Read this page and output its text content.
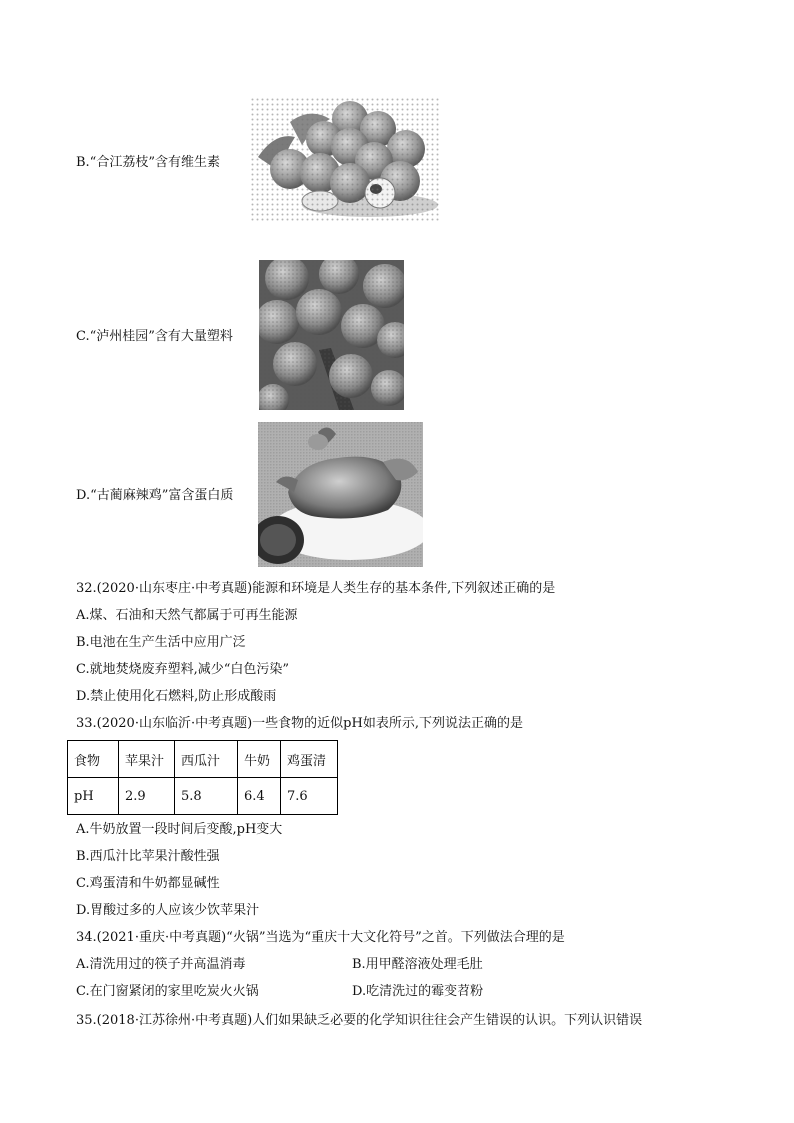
B.“合江荔枝”含有维生素
C.“泸州桂园”含有大量塑料
D.“古蔺麻辣鸡”富含蛋白质
32.(2020·山东枣庄·中考真题)能源和环境是人类生存的基本条件,下列叙述正确的是
A.煤、石油和天然气都属于可再生能源
B.电池在生产生活中应用广泛
C.就地焚烧废弃塑料,减少“白色污染”
D.禁止使用化石燃料,防止形成酸雨
33.(2020·山东临沂·中考真题)一些食物的近似pH如表所示,下列说法正确的是
食物	苹果汁	西瓜汁	牛奶	鸡蛋清
pH	2.9	5.8	6.4	7.6
A.牛奶放置一段时间后变酸,pH变大
B.西瓜汁比苹果汁酸性强
C.鸡蛋清和牛奶都显碱性
D.胃酸过多的人应该少饮苹果汁
34.(2021·重庆·中考真题)“火锅”当选为“重庆十大文化符号”之首。下列做法合理的是
A.清洗用过的筷子并高温消毒	B.用甲醛溶液处理毛肚
C.在门窗紧闭的家里吃炭火火锅	D.吃清洗过的霉变苕粉
35.(2018·江苏徐州·中考真题)人们如果缺乏必要的化学知识往往会产生错误的认识。下列认识错误
